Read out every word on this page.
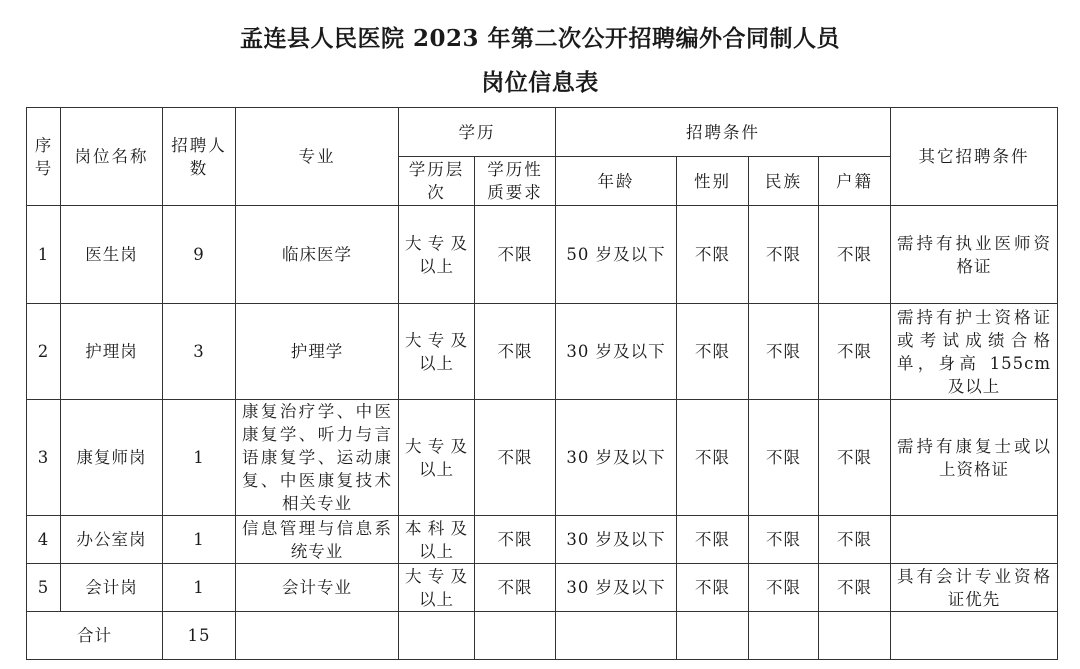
孟连县人民医院 2023 年第二次公开招聘编外合同制人员
岗位信息表
序号	岗位名称	招聘人数	专业	学历		招聘条件				其它招聘条件
				学历层次	学历性质要求	年龄	性别	民族	户籍	
1	医生岗	9	临床医学	大专及以上	不限	50 岁及以下	不限	不限	不限	需持有执业医师资格证
2	护理岗	3	护理学	大专及以上	不限	30 岁及以下	不限	不限	不限	需持有护士资格证或考试成绩合格单，身高 155cm 及以上
3	康复师岗	1	康复治疗学、中医康复学、听力与言语康复学、运动康复、中医康复技术相关专业	大专及以上	不限	30 岁及以下	不限	不限	不限	需持有康复士或以上资格证
4	办公室岗	1	信息管理与信息系统专业	本科及以上	不限	30 岁及以下	不限	不限	不限	
5	会计岗	1	会计专业	大专及以上	不限	30 岁及以下	不限	不限	不限	具有会计专业资格证优先
合计		15								
